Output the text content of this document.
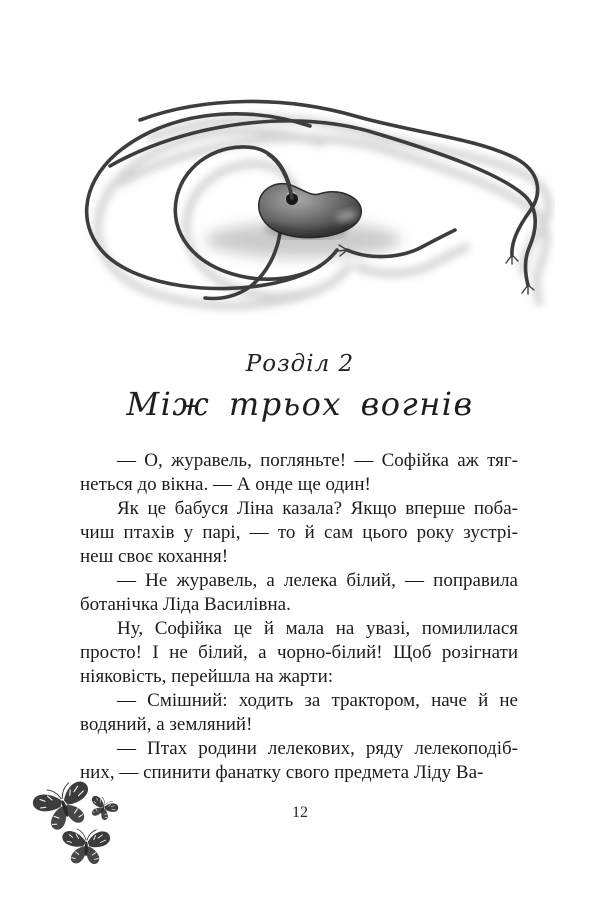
Розділ 2
Між трьох вогнів
— О, журавель, погляньте! — Софійка аж тяг-
неться до вікна. — А онде ще один!
Як це бабуся Ліна казала? Якщо вперше поба-
чиш птахів у парі, — то й сам цього року зустрі-
неш своє кохання!
— Не журавель, а лелека білий, — поправила
ботанічка Ліда Василівна.
Ну, Софійка це й мала на увазі, помилилася
просто! І не білий, а чорно-білий! Щоб розігнати
ніяковість, перейшла на жарти:
— Смішний: ходить за трактором, наче й не
водяний, а земляний!
— Птах родини лелекових, ряду лелекоподіб-
них, — спинити фанатку свого предмета Ліду Ва-
12
